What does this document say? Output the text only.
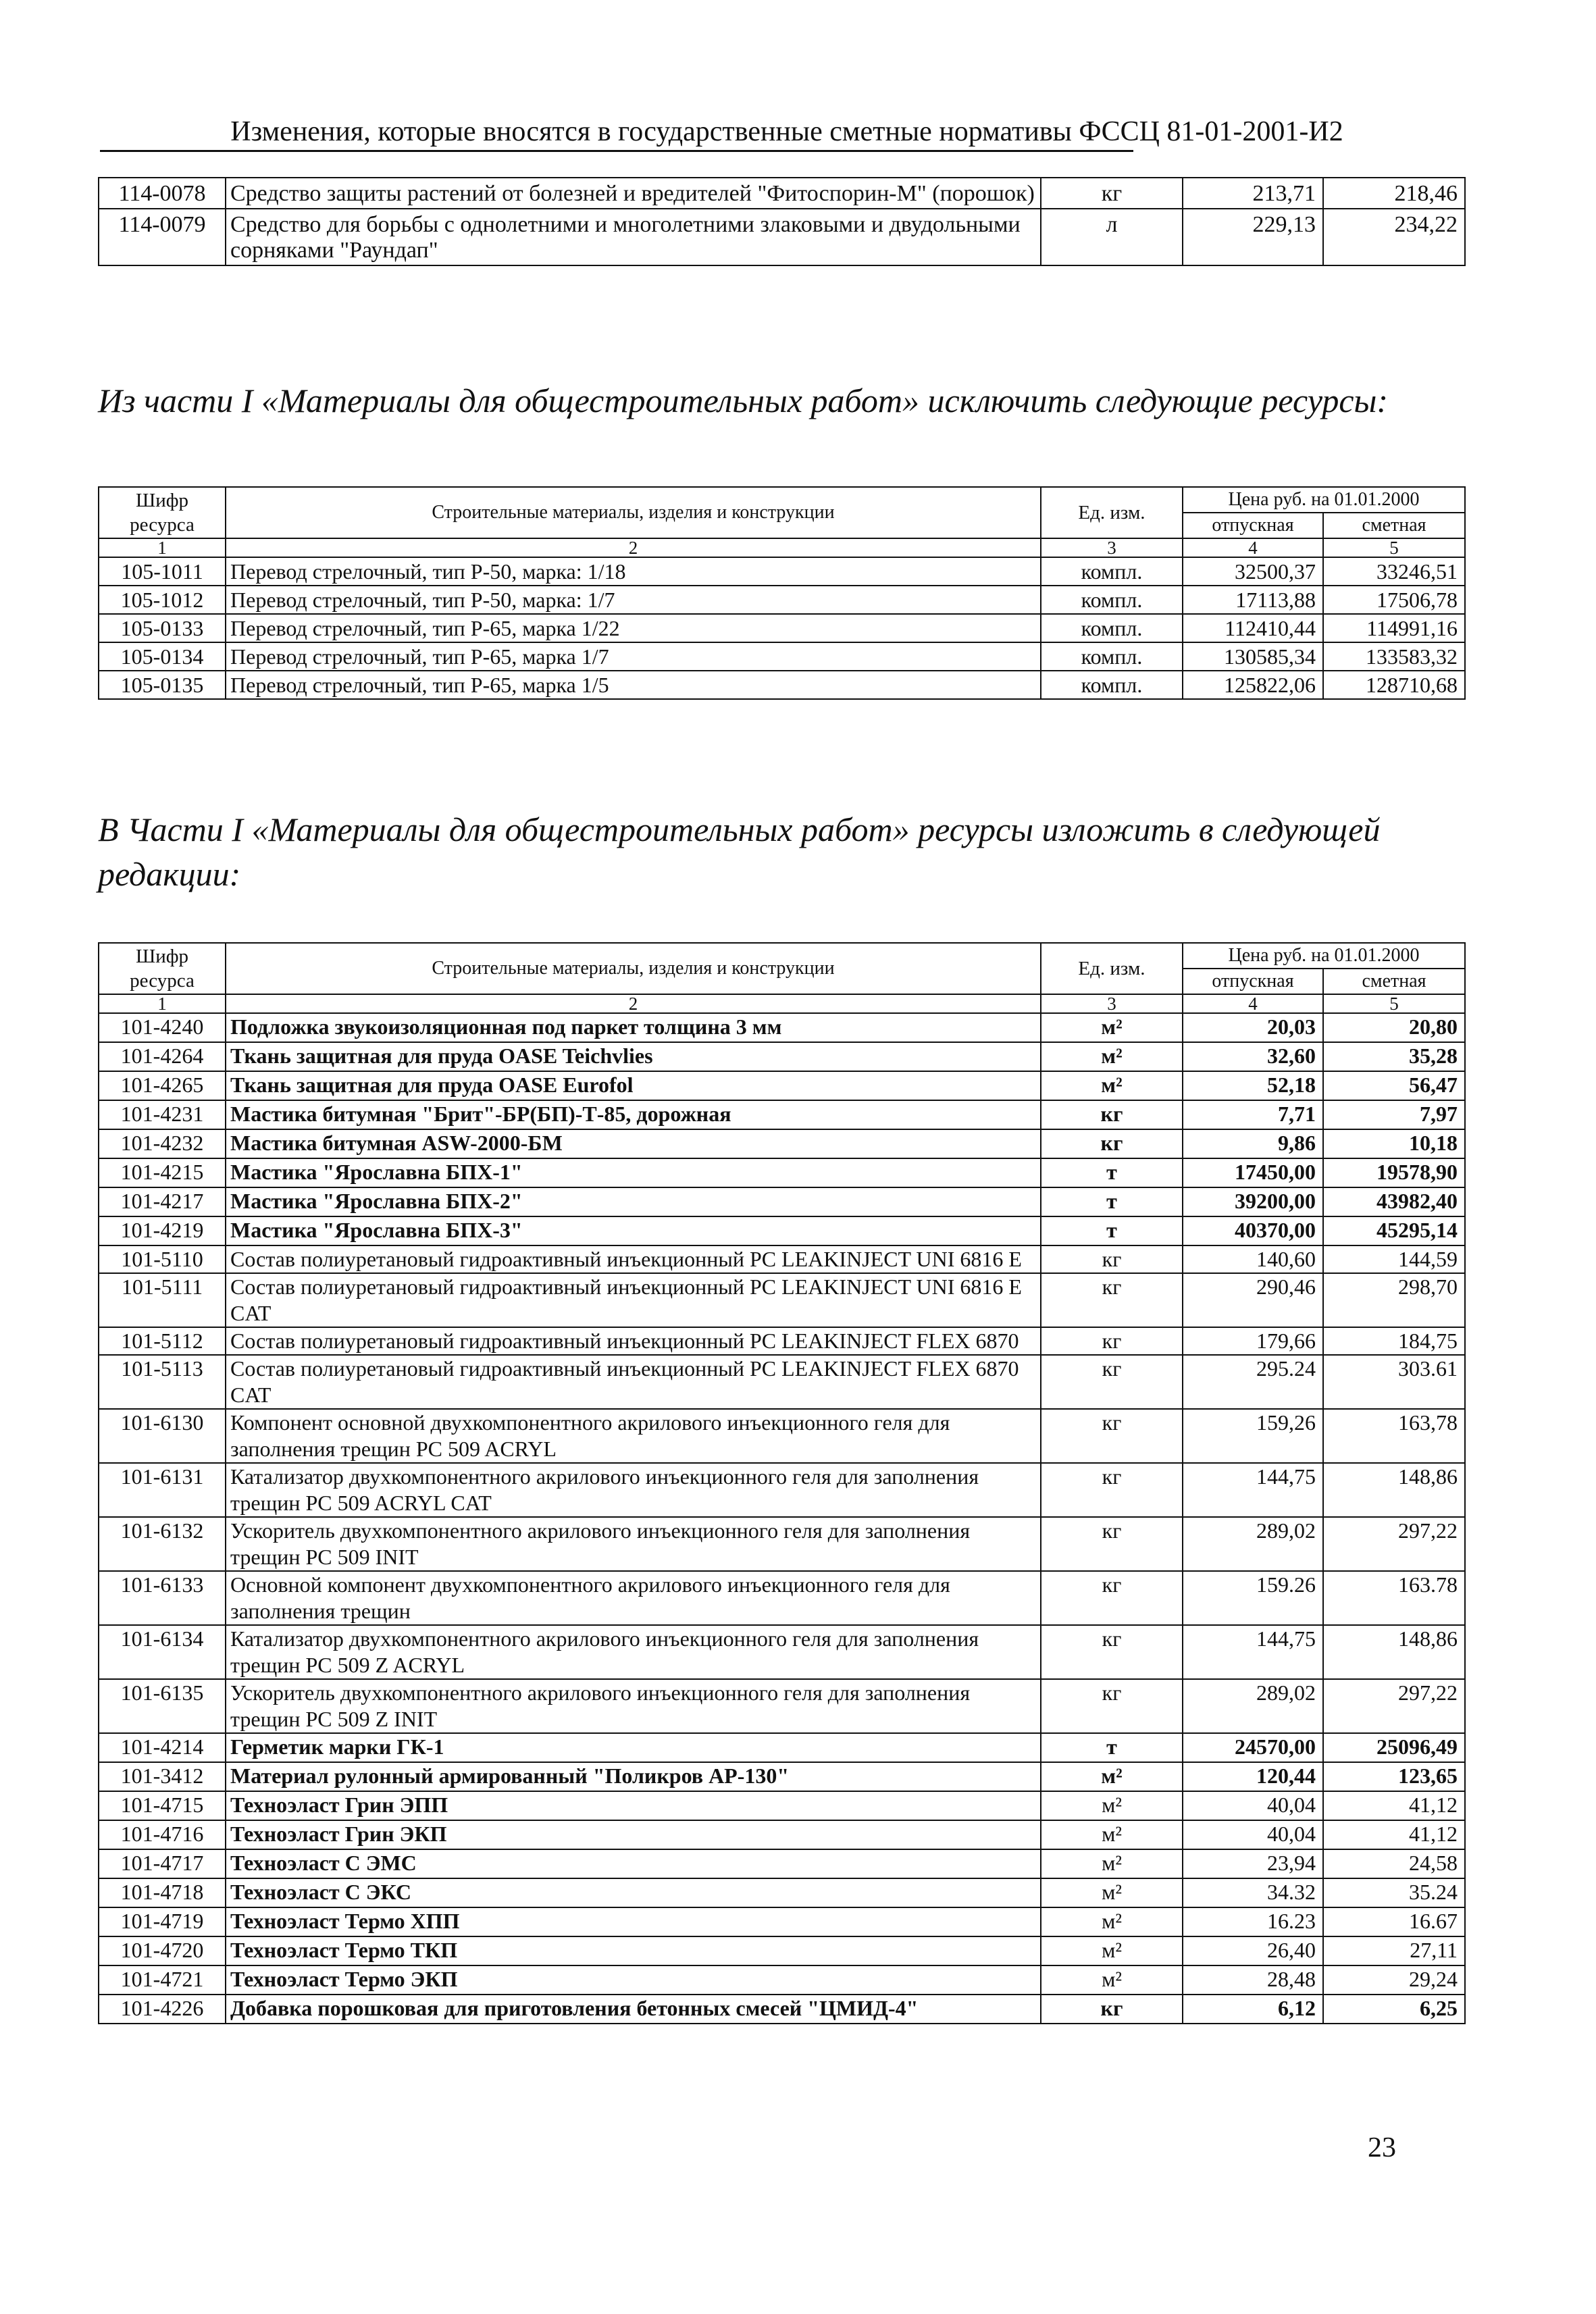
Изменения, которые вносятся в государственные сметные нормативы ФССЦ 81-01-2001-И2
114-0078	Средство защиты растений от болезней и вредителей "Фитоспорин-М" (порошок)	кг	213,71	218,46
114-0079	Средство для борьбы с однолетними и многолетними злаковыми и двудольными сорняками "Раундап"	л	229,13	234,22
Из части I «Материалы для общестроительных работ» исключить следующие ресурсы:
Шифр ресурса	Строительные материалы, изделия и конструкции	Ед. изм.	Цена руб. на 01.01.2000	
			отпускная	сметная
1	2	3	4	5
105-1011	Перевод стрелочный, тип Р-50, марка: 1/18	компл.	32500,37	33246,51
105-1012	Перевод стрелочный, тип Р-50, марка: 1/7	компл.	17113,88	17506,78
105-0133	Перевод стрелочный, тип Р-65, марка 1/22	компл.	112410,44	114991,16
105-0134	Перевод стрелочный, тип Р-65, марка 1/7	компл.	130585,34	133583,32
105-0135	Перевод стрелочный, тип Р-65, марка 1/5	компл.	125822,06	128710,68
В Части I «Материалы для общестроительных работ» ресурсы изложить в следующей редакции:
Шифр ресурса	Строительные материалы, изделия и конструкции	Ед. изм.	Цена руб. на 01.01.2000	
			отпускная	сметная
1	2	3	4	5
101-4240	Подложка звукоизоляционная под паркет толщина 3 мм	м²	20,03	20,80
101-4264	Ткань защитная для пруда OASE Teichvlies	м²	32,60	35,28
101-4265	Ткань защитная для пруда OASE Eurofol	м²	52,18	56,47
101-4231	Мастика битумная "Брит"-БР(БП)-Т-85, дорожная	кг	7,71	7,97
101-4232	Мастика битумная ASW-2000-БМ	кг	9,86	10,18
101-4215	Мастика "Ярославна БПХ-1"	т	17450,00	19578,90
101-4217	Мастика "Ярославна БПХ-2"	т	39200,00	43982,40
101-4219	Мастика "Ярославна БПХ-3"	т	40370,00	45295,14
101-5110	Состав полиуретановый гидроактивный инъекционный PC LEAKINJECT UNI 6816 E	кг	140,60	144,59
101-5111	Состав полиуретановый гидроактивный инъекционный PC LEAKINJECT UNI 6816 E CAT	кг	290,46	298,70
101-5112	Состав полиуретановый гидроактивный инъекционный PC LEAKINJECT FLEX 6870	кг	179,66	184,75
101-5113	Состав полиуретановый гидроактивный инъекционный PC LEAKINJECT FLEX 6870 CAT	кг	295.24	303.61
101-6130	Компонент основной двухкомпонентного акрилового инъекционного геля для заполнения трещин PC 509 ACRYL	кг	159,26	163,78
101-6131	Катализатор двухкомпонентного акрилового инъекционного геля для заполнения трещин PC 509 ACRYL CAT	кг	144,75	148,86
101-6132	Ускоритель двухкомпонентного акрилового инъекционного геля для заполнения трещин PC 509 INIT	кг	289,02	297,22
101-6133	Основной компонент двухкомпонентного акрилового инъекционного геля для заполнения трещин	кг	159.26	163.78
101-6134	Катализатор двухкомпонентного акрилового инъекционного геля для заполнения трещин PC 509 Z ACRYL	кг	144,75	148,86
101-6135	Ускоритель двухкомпонентного акрилового инъекционного геля для заполнения трещин PC 509 Z INIT	кг	289,02	297,22
101-4214	Герметик марки ГК-1	т	24570,00	25096,49
101-3412	Материал рулонный армированный "Поликров АР-130"	м²	120,44	123,65
101-4715	Техноэласт Грин ЭПП	м²	40,04	41,12
101-4716	Техноэласт Грин ЭКП	м²	40,04	41,12
101-4717	Техноэласт С ЭМС	м²	23,94	24,58
101-4718	Техноэласт С ЭКС	м²	34.32	35.24
101-4719	Техноэласт Термо ХПП	м²	16.23	16.67
101-4720	Техноэласт Термо ТКП	м²	26,40	27,11
101-4721	Техноэласт Термо ЭКП	м²	28,48	29,24
101-4226	Добавка порошковая для приготовления бетонных смесей "ЦМИД-4"	кг	6,12	6,25
23
